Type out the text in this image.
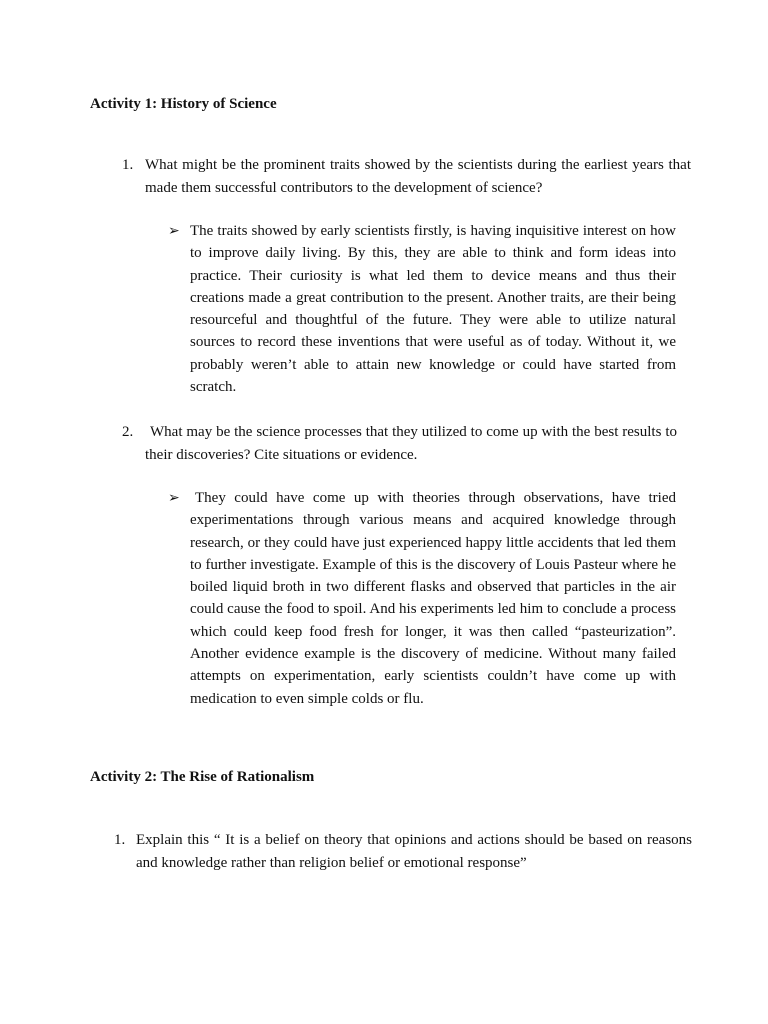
Activity 1: History of Science
1. What might be the prominent traits showed by the scientists during the earliest years that made them successful contributors to the development of science?
➢ The traits showed by early scientists firstly, is having inquisitive interest on how to improve daily living. By this, they are able to think and form ideas into practice. Their curiosity is what led them to device means and thus their creations made a great contribution to the present. Another traits, are their being resourceful and thoughtful of the future. They were able to utilize natural sources to record these inventions that were useful as of today. Without it, we probably weren’t able to attain new knowledge or could have started from scratch.
2.	What may be the science processes that they utilized to come up with the best results to their discoveries? Cite situations or evidence.
➢	They could have come up with theories through observations, have tried experimentations through various means and acquired knowledge through research, or they could have just experienced happy little accidents that led them to further investigate. Example of this is the discovery of Louis Pasteur where he boiled liquid broth in two different flasks and observed that particles in the air could cause the food to spoil. And his experiments led him to conclude a process which could keep food fresh for longer, it was then called “pasteurization”. Another evidence example is the discovery of medicine. Without many failed attempts on experimentation, early scientists couldn’t have come up with medication to even simple colds or flu.
Activity 2: The Rise of Rationalism
1. Explain this “ It is a belief on theory that opinions and actions should be based on reasons and knowledge rather than religion belief or emotional response”
